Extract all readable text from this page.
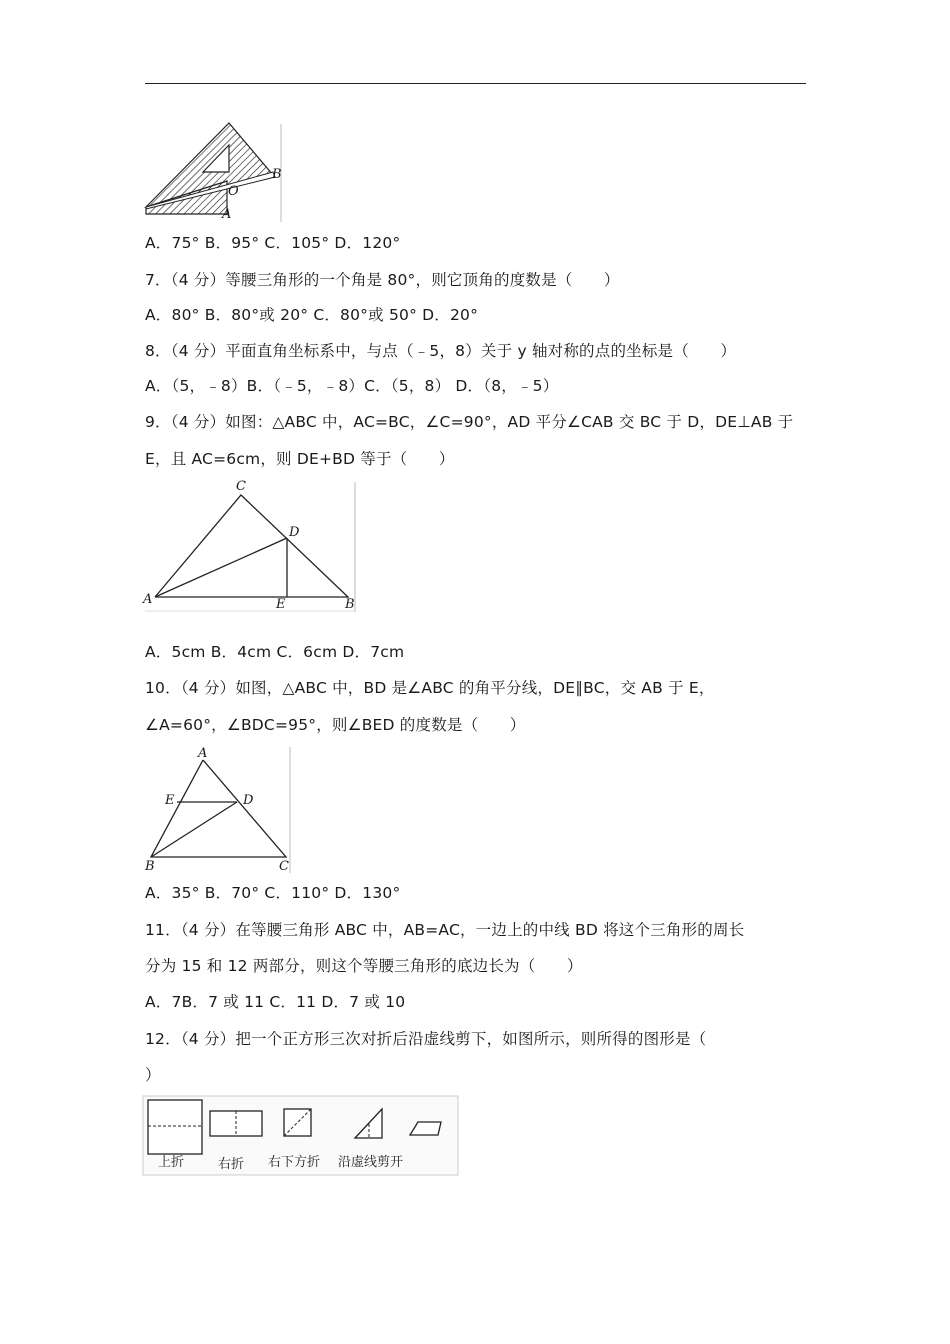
O
A
B
A．75° B．95° C．105° D．120°
7．（4 分）等腰三角形的一个角是 80°，则它顶角的度数是（　　）
A．80° B．80°或 20° C．80°或 50° D．20°
8．（4 分）平面直角坐标系中，与点（﹣5，8）关于 y 轴对称的点的坐标是（　　）
A．（5，﹣8）B．（﹣5，﹣8）C．（5，8） D．（8，﹣5）
9．（4 分）如图：△ABC 中，AC=BC，∠C=90°，AD 平分∠CAB 交 BC 于 D，DE⊥AB 于
E，且 AC=6cm，则 DE+BD 等于（　　）
C
D
A	E	B
A．5cm B．4cm C．6cm D．7cm
10．（4 分）如图，△ABC 中，BD 是∠ABC 的角平分线，DE∥BC，交 AB 于 E，
∠A=60°，∠BDC=95°，则∠BED 的度数是（　　）
A
E	D
B	C
A．35° B．70° C．110° D．130°
11．（4 分）在等腰三角形 ABC 中，AB=AC，一边上的中线 BD 将这个三角形的周长
分为 15 和 12 两部分，则这个等腰三角形的底边长为（　　）
A．7B．7 或 11 C．11 D．7 或 10
12．（4 分）把一个正方形三次对折后沿虚线剪下，如图所示，则所得的图形是（
）
上折	右折 右下方折 沿虚线剪开
